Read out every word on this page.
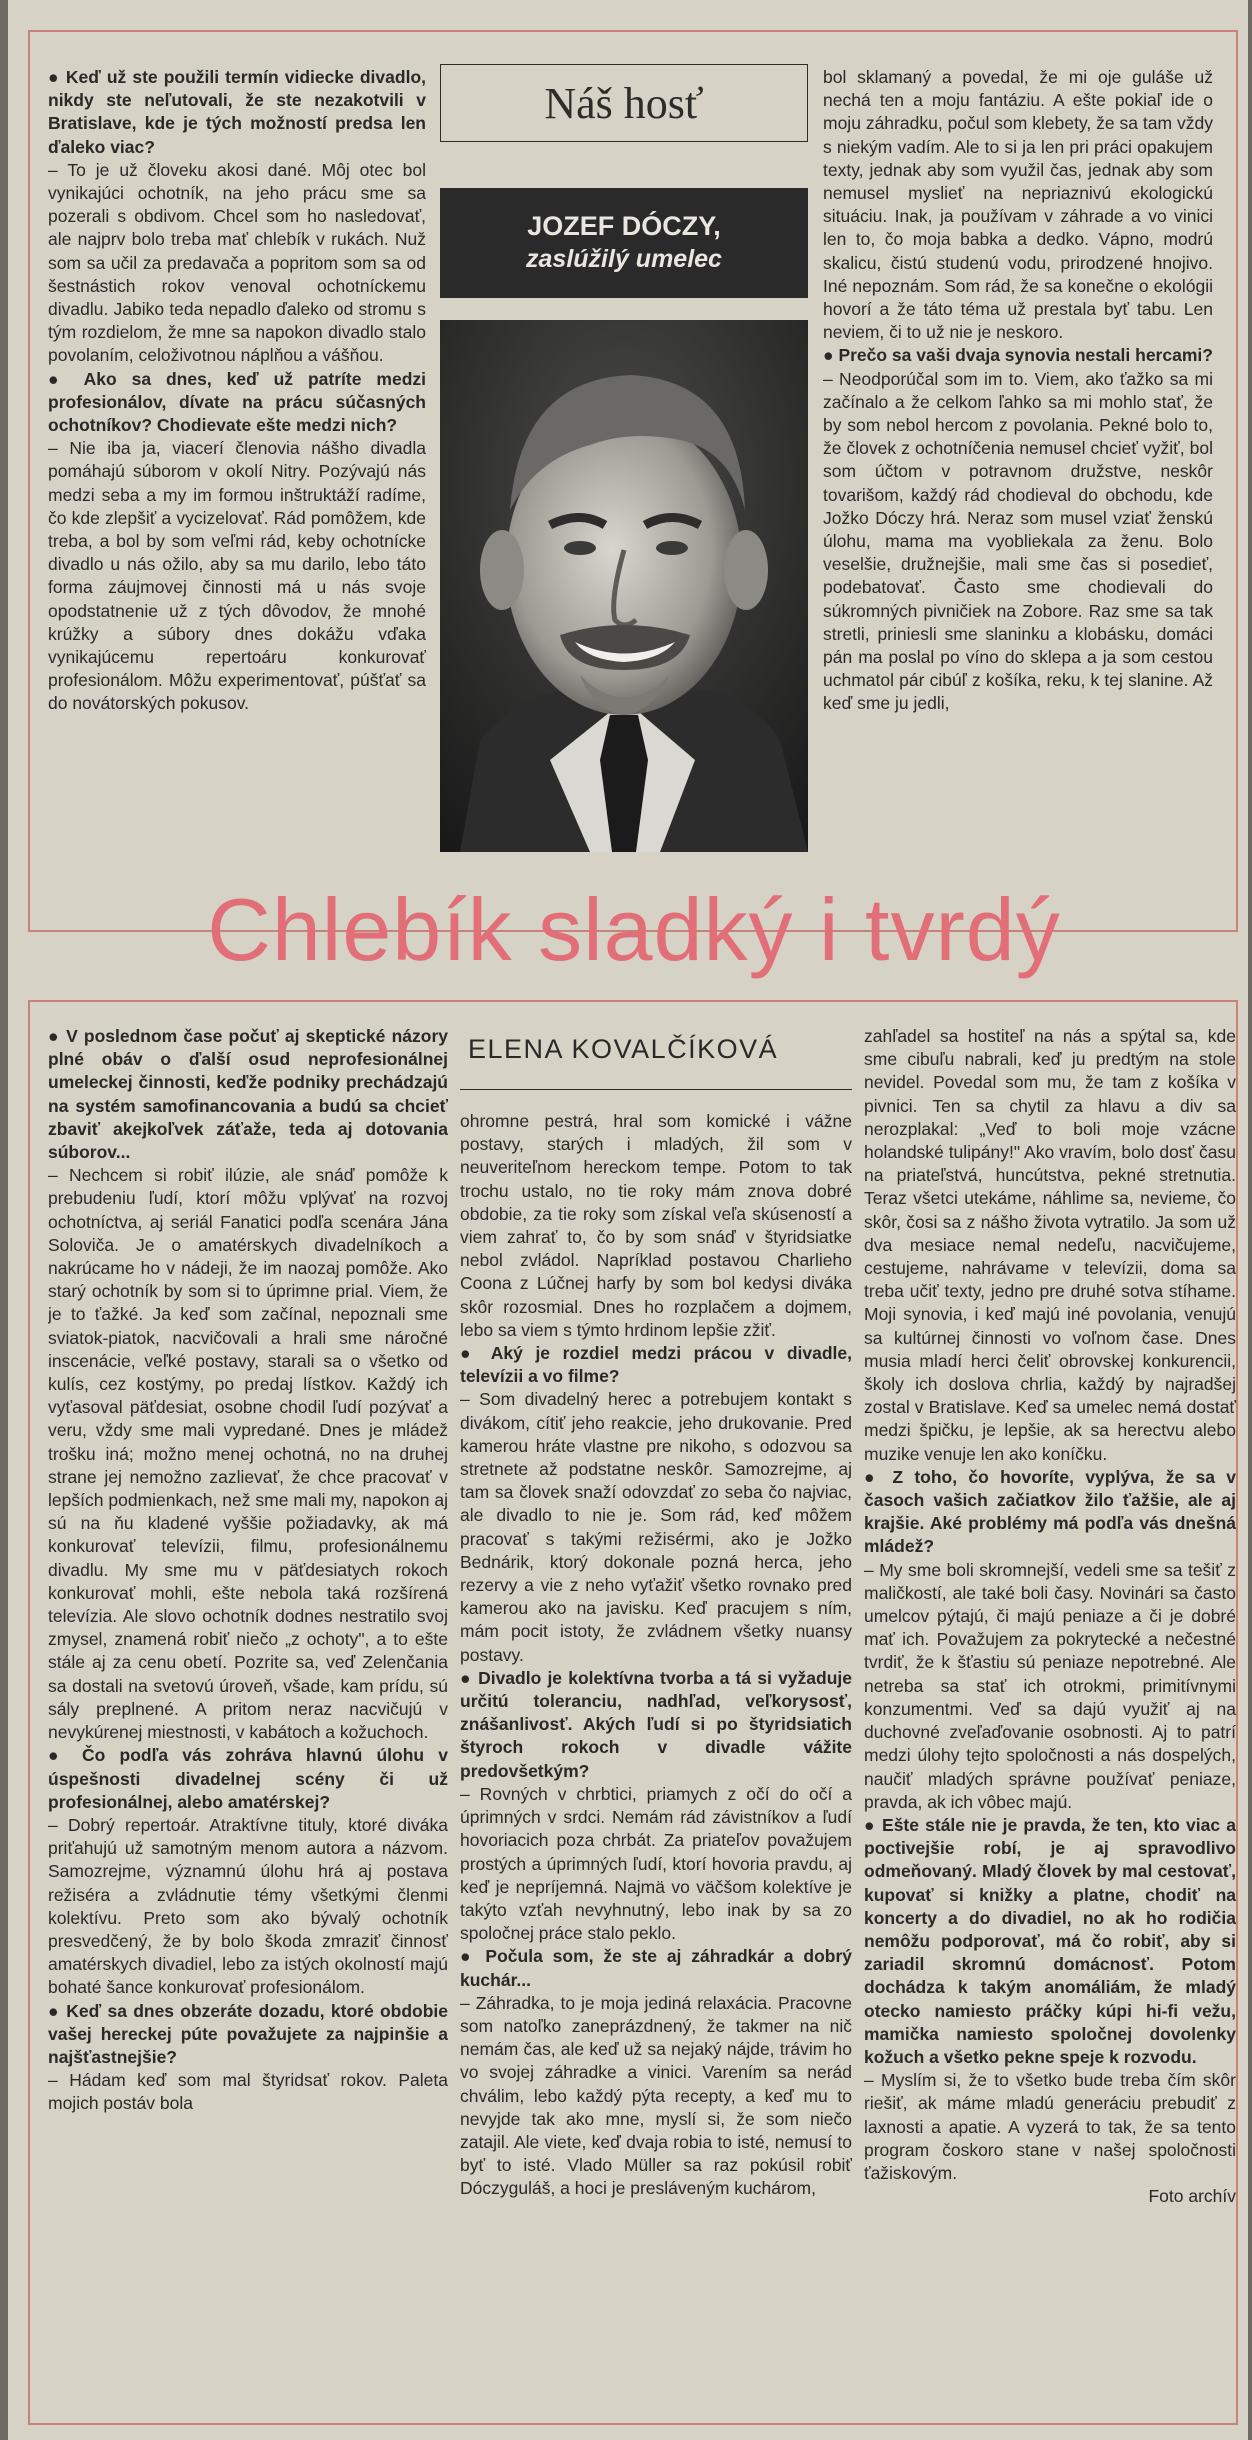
● Keď už ste použili termín vidiecke divadlo, nikdy ste neľutovali, že ste nezakotvili v Bratislave, kde je tých možností predsa len ďaleko viac?

– To je už človeku akosi dané. Môj otec bol vynikajúci ochotník, na jeho prácu sme sa pozerali s obdivom. Chcel som ho nasledovať, ale najprv bolo treba mať chlebík v rukách. Nuž som sa učil za predavača a popritom som sa od šestnástich rokov venoval ochotníckemu divadlu. Jabiko teda nepadlo ďaleko od stromu s tým rozdielom, že mne sa napokon divadlo stalo povolaním, celoživotnou náplňou a vášňou.

● Ako sa dnes, keď už patríte medzi profesionálov, dívate na prácu súčasných ochotníkov? Chodievate ešte medzi nich?

– Nie iba ja, viacerí členovia nášho divadla pomáhajú súborom v okolí Nitry. Pozývajú nás medzi seba a my im formou inštruktáží radíme, čo kde zlepšiť a vycizelovať. Rád pomôžem, kde treba, a bol by som veľmi rád, keby ochotnícke divadlo u nás ožilo, aby sa mu darilo, lebo táto forma záujmovej činnosti má u nás svoje opodstatnenie už z tých dôvodov, že mnohé krúžky a súbory dnes dokážu vďaka vynikajúcemu repertoáru konkurovať profesionálom. Môžu experimentovať, púšťať sa do novátorských pokusov.

Náš hosť
JOZEF DÓCZY,
zaslúžilý umelec

bol sklamaný a povedal, že mi oje guláše už nechá ten a moju fantáziu. A ešte pokiaľ ide o moju záhradku, počul som klebety, že sa tam vždy s niekým vadím. Ale to si ja len pri práci opakujem texty, jednak aby som využil čas, jednak aby som nemusel myslieť na nepriaznivú ekologickú situáciu. Inak, ja používam v záhrade a vo vinici len to, čo moja babka a dedko. Vápno, modrú skalicu, čistú studenú vodu, prirodzené hnojivo. Iné nepoznám. Som rád, že sa konečne o ekológii hovorí a že táto téma už prestala byť tabu. Len neviem, či to už nie je neskoro.

● Prečo sa vaši dvaja synovia nestali hercami?

– Neodporúčal som im to. Viem, ako ťažko sa mi začínalo a že celkom ľahko sa mi mohlo stať, že by som nebol hercom z povolania. Pekné bolo to, že človek z ochotníčenia nemusel chcieť vyžiť, bol som účtom v potravnom družstve, neskôr tovarišom, každý rád chodieval do obchodu, kde Jožko Dóczy hrá. Neraz som musel vziať ženskú úlohu, mama ma vyobliekala za ženu. Bolo veselšie, družnejšie, mali sme čas si posedieť, podebatovať. Často sme chodievali do súkromných pivničiek na Zobore. Raz sme sa tak stretli, priniesli sme slaninku a klobásku, domáci pán ma poslal po víno do sklepa a ja som cestou uchmatol pár cibúľ z košíka, reku, k tej slanine. Až keď sme ju jedli,

Chlebík sladký i tvrdý

● V poslednom čase počuť aj skeptické názory plné obáv o ďalší osud neprofesionálnej umeleckej činnosti, keďže podniky prechádzajú na systém samofinancovania a budú sa chcieť zbaviť akejkoľvek záťaže, teda aj dotovania súborov...

– Nechcem si robiť ilúzie, ale snáď pomôže k prebudeniu ľudí, ktorí môžu vplývať na rozvoj ochotníctva, aj seriál Fanatici podľa scenára Jána Soloviča. Je o amatérskych divadelníkoch a nakrúcame ho v nádeji, že im naozaj pomôže. Ako starý ochotník by som si to úprimne prial. Viem, že je to ťažké. Ja keď som začínal, nepoznali sme sviatok-piatok, nacvičovali a hrali sme náročné inscenácie, veľké postavy, starali sa o všetko od kulís, cez kostýmy, po predaj lístkov. Každý ich vyťasoval päťdesiat, osobne chodil ľudí pozývať a veru, vždy sme mali vypredané. Dnes je mládež trošku iná; možno menej ochotná, no na druhej strane jej nemožno zazlievať, že chce pracovať v lepších podmienkach, než sme mali my, napokon aj sú na ňu kladené vyššie požiadavky, ak má konkurovať televízii, filmu, profesionálnemu divadlu. My sme mu v päťdesiatych rokoch konkurovať mohli, ešte nebola taká rozšírená televízia. Ale slovo ochotník dodnes nestratilo svoj zmysel, znamená robiť niečo „z ochoty", a to ešte stále aj za cenu obetí. Pozrite sa, veď Zelenčania sa dostali na svetovú úroveň, všade, kam prídu, sú sály preplnené. A pritom neraz nacvičujú v nevykúrenej miestnosti, v kabátoch a kožuchoch.

● Čo podľa vás zohráva hlavnú úlohu v úspešnosti divadelnej scény či už profesionálnej, alebo amatérskej?

– Dobrý repertoár. Atraktívne tituly, ktoré diváka priťahujú už samotným menom autora a názvom. Samozrejme, významnú úlohu hrá aj postava režiséra a zvládnutie témy všetkými členmi kolektívu. Preto som ako bývalý ochotník presvedčený, že by bolo škoda zmraziť činnosť amatérskych divadiel, lebo za istých okolností majú bohaté šance konkurovať profesionálom.

● Keď sa dnes obzeráte dozadu, ktoré obdobie vašej hereckej púte považujete za najpinšie a najšťastnejšie?

– Hádam keď som mal štyridsať rokov. Paleta mojich postáv bola

ELENA KOVALČÍKOVÁ

ohromne pestrá, hral som komické i vážne postavy, starých i mladých, žil som v neuveriteľnom hereckom tempe. Potom to tak trochu ustalo, no tie roky mám znova dobré obdobie, za tie roky som získal veľa skúseností a viem zahrať to, čo by som snáď v štyridsiatke nebol zvládol. Napríklad postavou Charlieho Coona z Lúčnej harfy by som bol kedysi diváka skôr rozosmial. Dnes ho rozplačem a dojmem, lebo sa viem s týmto hrdinom lepšie zžiť.

● Aký je rozdiel medzi prácou v divadle, televízii a vo filme?

– Som divadelný herec a potrebujem kontakt s divákom, cítiť jeho reakcie, jeho drukovanie. Pred kamerou hráte vlastne pre nikoho, s odozvou sa stretnete až podstatne neskôr. Samozrejme, aj tam sa človek snaží odovzdať zo seba čo najviac, ale divadlo to nie je. Som rád, keď môžem pracovať s takými režisérmi, ako je Jožko Bednárik, ktorý dokonale pozná herca, jeho rezervy a vie z neho vyťažiť všetko rovnako pred kamerou ako na javisku. Keď pracujem s ním, mám pocit istoty, že zvládnem všetky nuansy postavy.

● Divadlo je kolektívna tvorba a tá si vyžaduje určitú toleranciu, nadhľad, veľkorysosť, znášanlivosť. Akých ľudí si po štyridsiatich štyroch rokoch v divadle vážite predovšetkým?

– Rovných v chrbtici, priamych z očí do očí a úprimných v srdci. Nemám rád závistníkov a ľudí hovoriacich poza chrbát. Za priateľov považujem prostých a úprimných ľudí, ktorí hovoria pravdu, aj keď je nepríjemná. Najmä vo väčšom kolektíve je takýto vzťah nevyhnutný, lebo inak by sa zo spoločnej práce stalo peklo.

● Počula som, že ste aj záhradkár a dobrý kuchár...

– Záhradka, to je moja jediná relaxácia. Pracovne som natoľko zaneprázdnený, že takmer na nič nemám čas, ale keď už sa nejaký nájde, trávim ho vo svojej záhradke a vinici. Varením sa nerád chválim, lebo každý pýta recepty, a keď mu to nevyjde tak ako mne, myslí si, že som niečo zatajil. Ale viete, keď dvaja robia to isté, nemusí to byť to isté. Vlado Müller sa raz pokúsil robiť Dóczyguláš, a hoci je presláveným kuchárom,

zahľadel sa hostiteľ na nás a spýtal sa, kde sme cibuľu nabrali, keď ju predtým na stole nevidel. Povedal som mu, že tam z košíka v pivnici. Ten sa chytil za hlavu a div sa nerozplakal: „Veď to boli moje vzácne holandské tulipány!" Ako vravím, bolo dosť času na priateľstvá, huncútstva, pekné stretnutia. Teraz všetci utekáme, náhlime sa, nevieme, čo skôr, čosi sa z nášho života vytratilo. Ja som už dva mesiace nemal nedeľu, nacvičujeme, cestujeme, nahrávame v televízii, doma sa treba učiť texty, jedno pre druhé sotva stíhame. Moji synovia, i keď majú iné povolania, venujú sa kultúrnej činnosti vo voľnom čase. Dnes musia mladí herci čeliť obrovskej konkurencii, školy ich doslova chrlia, každý by najradšej zostal v Bratislave. Keď sa umelec nemá dostať medzi špičku, je lepšie, ak sa herectvu alebo muzike venuje len ako koníčku.

● Z toho, čo hovoríte, vyplýva, že sa v časoch vašich začiatkov žilo ťažšie, ale aj krajšie. Aké problémy má podľa vás dnešná mládež?

– My sme boli skromnejší, vedeli sme sa tešiť z maličkostí, ale také boli časy. Novinári sa často umelcov pýtajú, či majú peniaze a či je dobré mať ich. Považujem za pokrytecké a nečestné tvrdiť, že k šťastiu sú peniaze nepotrebné. Ale netreba sa stať ich otrokmi, primitívnymi konzumentmi. Veď sa dajú využiť aj na duchovné zveľaďovanie osobnosti. Aj to patrí medzi úlohy tejto spoločnosti a nás dospelých, naučiť mladých správne používať peniaze, pravda, ak ich vôbec majú.

● Ešte stále nie je pravda, že ten, kto viac a poctivejšie robí, je aj spravodlivo odmeňovaný. Mladý človek by mal cestovať, kupovať si knižky a platne, chodiť na koncerty a do divadiel, no ak ho rodičia nemôžu podporovať, má čo robiť, aby si zariadil skromnú domácnosť. Potom dochádza k takým anomáliám, že mladý otecko namiesto práčky kúpi hi-fi vežu, mamička namiesto spoločnej dovolenky kožuch a všetko pekne speje k rozvodu.

– Myslím si, že to všetko bude treba čím skôr riešiť, ak máme mladú generáciu prebudiť z laxnosti a apatie. A vyzerá to tak, že sa tento program čoskoro stane v našej spoločnosti ťažiskovým.

Foto archív
